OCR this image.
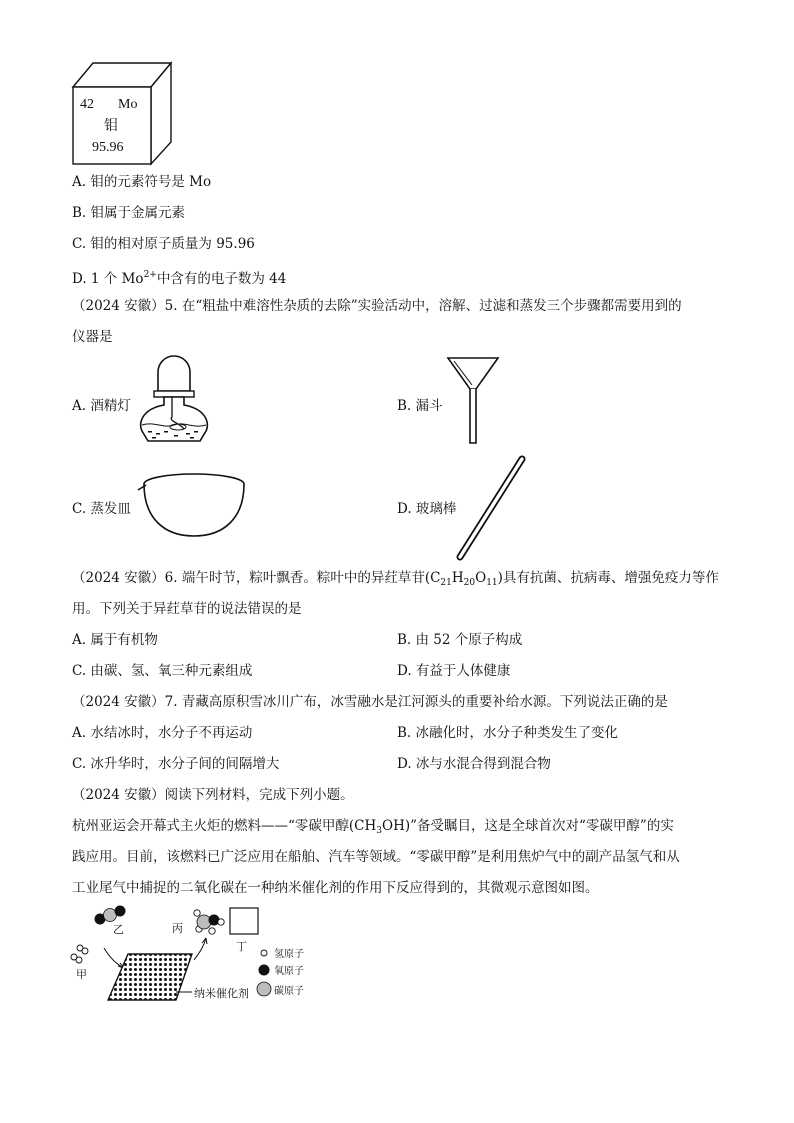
42 Mo
钼
95.96
A. 钼的元素符号是 Mo
B. 钼属于金属元素
C. 钼的相对原子质量为 95.96
D. 1 个 $Mo^{2+}$中含有的电子数为 44
（2024 安徽）5. 在“粗盐中难溶性杂质的去除”实验活动中，溶解、过滤和蒸发三个步骤都需要用到的
仪器是
A. 酒精灯	B. 漏斗
C. 蒸发皿	D. 玻璃棒
（2024 安徽）6. 端午时节，粽叶飘香。粽叶中的异荭草苷$(C_{21}H_{20}O_{11})$具有抗菌、抗病毒、增强免疫力等作
用。下列关于异荭草苷的说法错误的是
A. 属于有机物	B. 由 52 个原子构成
C. 由碳、氢、氧三种元素组成	D. 有益于人体健康
（2024 安徽）7. 青藏高原积雪冰川广布，冰雪融水是江河源头的重要补给水源。下列说法正确的是
A. 水结冰时，水分子不再运动	B. 冰融化时，水分子种类发生了变化
C. 冰升华时，水分子间的间隔增大	D. 冰与水混合得到混合物
（2024 安徽）阅读下列材料，完成下列小题。
杭州亚运会开幕式主火炬的燃料——“零碳甲醇$(CH_3OH)$”备受瞩目，这是全球首次对“零碳甲醇”的实
践应用。目前，该燃料已广泛应用在船舶、汽车等领域。“零碳甲醇”是利用焦炉气中的副产品氢气和从
工业尾气中捕捉的二氧化碳在一种纳米催化剂的作用下反应得到的，其微观示意图如图。
乙	丙
丁
甲
纳米催化剂
氢原子
氧原子
碳原子
